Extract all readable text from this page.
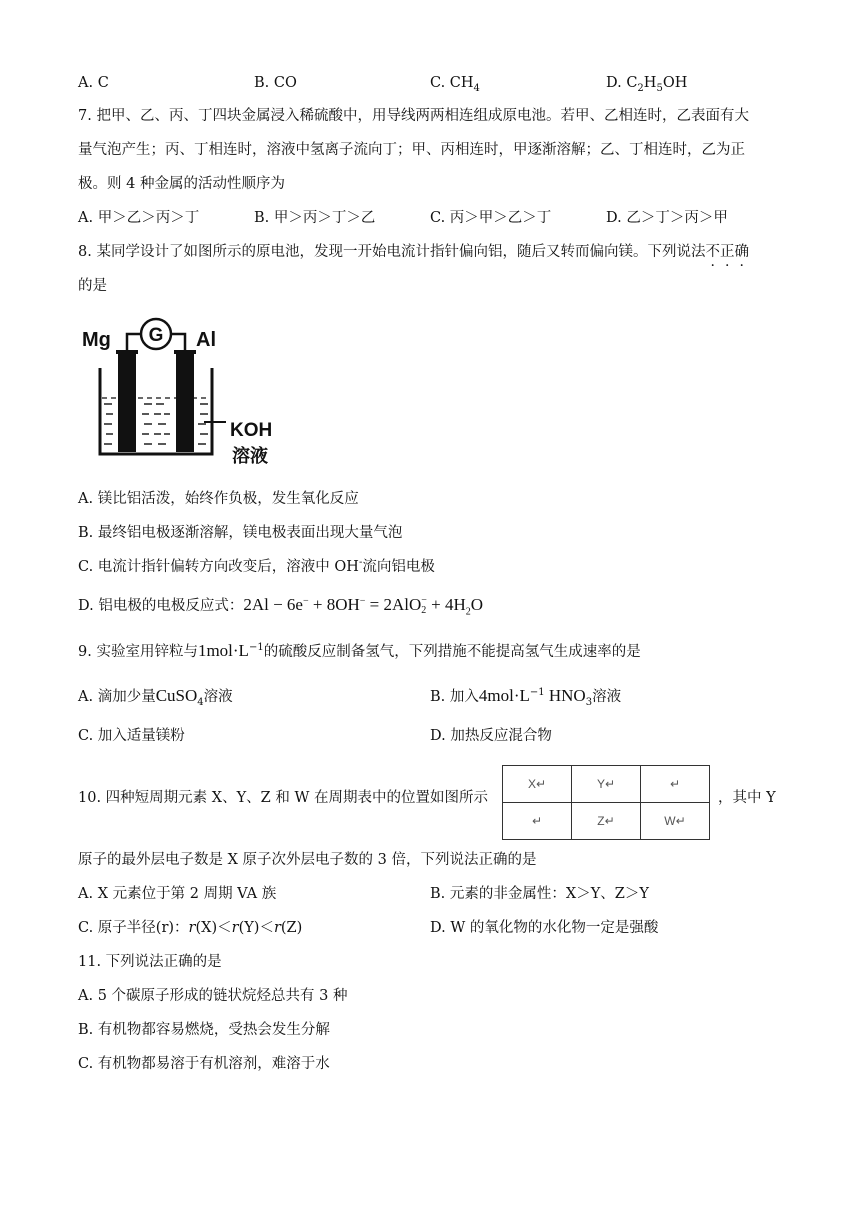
A. C	B. CO	C. $CH_4$	D. $C_2H_5OH$
7. 把甲、乙、丙、丁四块金属浸入稀硫酸中，用导线两两相连组成原电池。若甲、乙相连时，乙表面有大
量气泡产生；丙、丁相连时，溶液中氢离子流向丁；甲、丙相连时，甲逐渐溶解；乙、丁相连时，乙为正
极。则 4 种金属的活动性顺序为
A. 甲＞乙＞丙＞丁	B. 甲＞丙＞丁＞乙	C. 丙＞甲＞乙＞丁	D. 乙＞丁＞丙＞甲
8. 某同学设计了如图所示的原电池，发现一开始电流计指针偏向铝，随后又转而偏向镁。下列说法不正确
的是
Mg	Al
G
KOH
溶液
A. 镁比铝活泼，始终作负极，发生氧化反应
B. 最终铝电极逐渐溶解，镁电极表面出现大量气泡
C. 电流计指针偏转方向改变后，溶液中 OH-流向铝电极
D. 铝电极的电极反应式：2Al − 6e− + 8OH− = 2AlO −
$2 + 4H_2O$
9. 实验室用锌粒与$1mol\cdot L^{-1}$的硫酸反应制备氢气，下列措施不能提高氢气生成速率的是
A. 滴加少量CuSO$_4$溶液	B. 加入$4mol\cdot L^{-1}$ $HNO_3$溶液
C. 加入适量镁粉	D. 加热反应混合物
10. 四种短周期元素 X、Y、Z 和 W 在周期表中的位置如图所示
X↵	Y↵	↵
↵	Z↵	W↵
，其中 Y
原子的最外层电子数是 X 原子次外层电子数的 3 倍，下列说法正确的是
A. X 元素位于第 2 周期 VA 族	B. 元素的非金属性：X＞Y、Z＞Y
C. 原子半径(r)：r(X)＜r(Y)＜r(Z)	D. W 的氧化物的水化物一定是强酸
11. 下列说法正确的是
A. 5 个碳原子形成的链状烷烃总共有 3 种
B. 有机物都容易燃烧，受热会发生分解
C. 有机物都易溶于有机溶剂，难溶于水
